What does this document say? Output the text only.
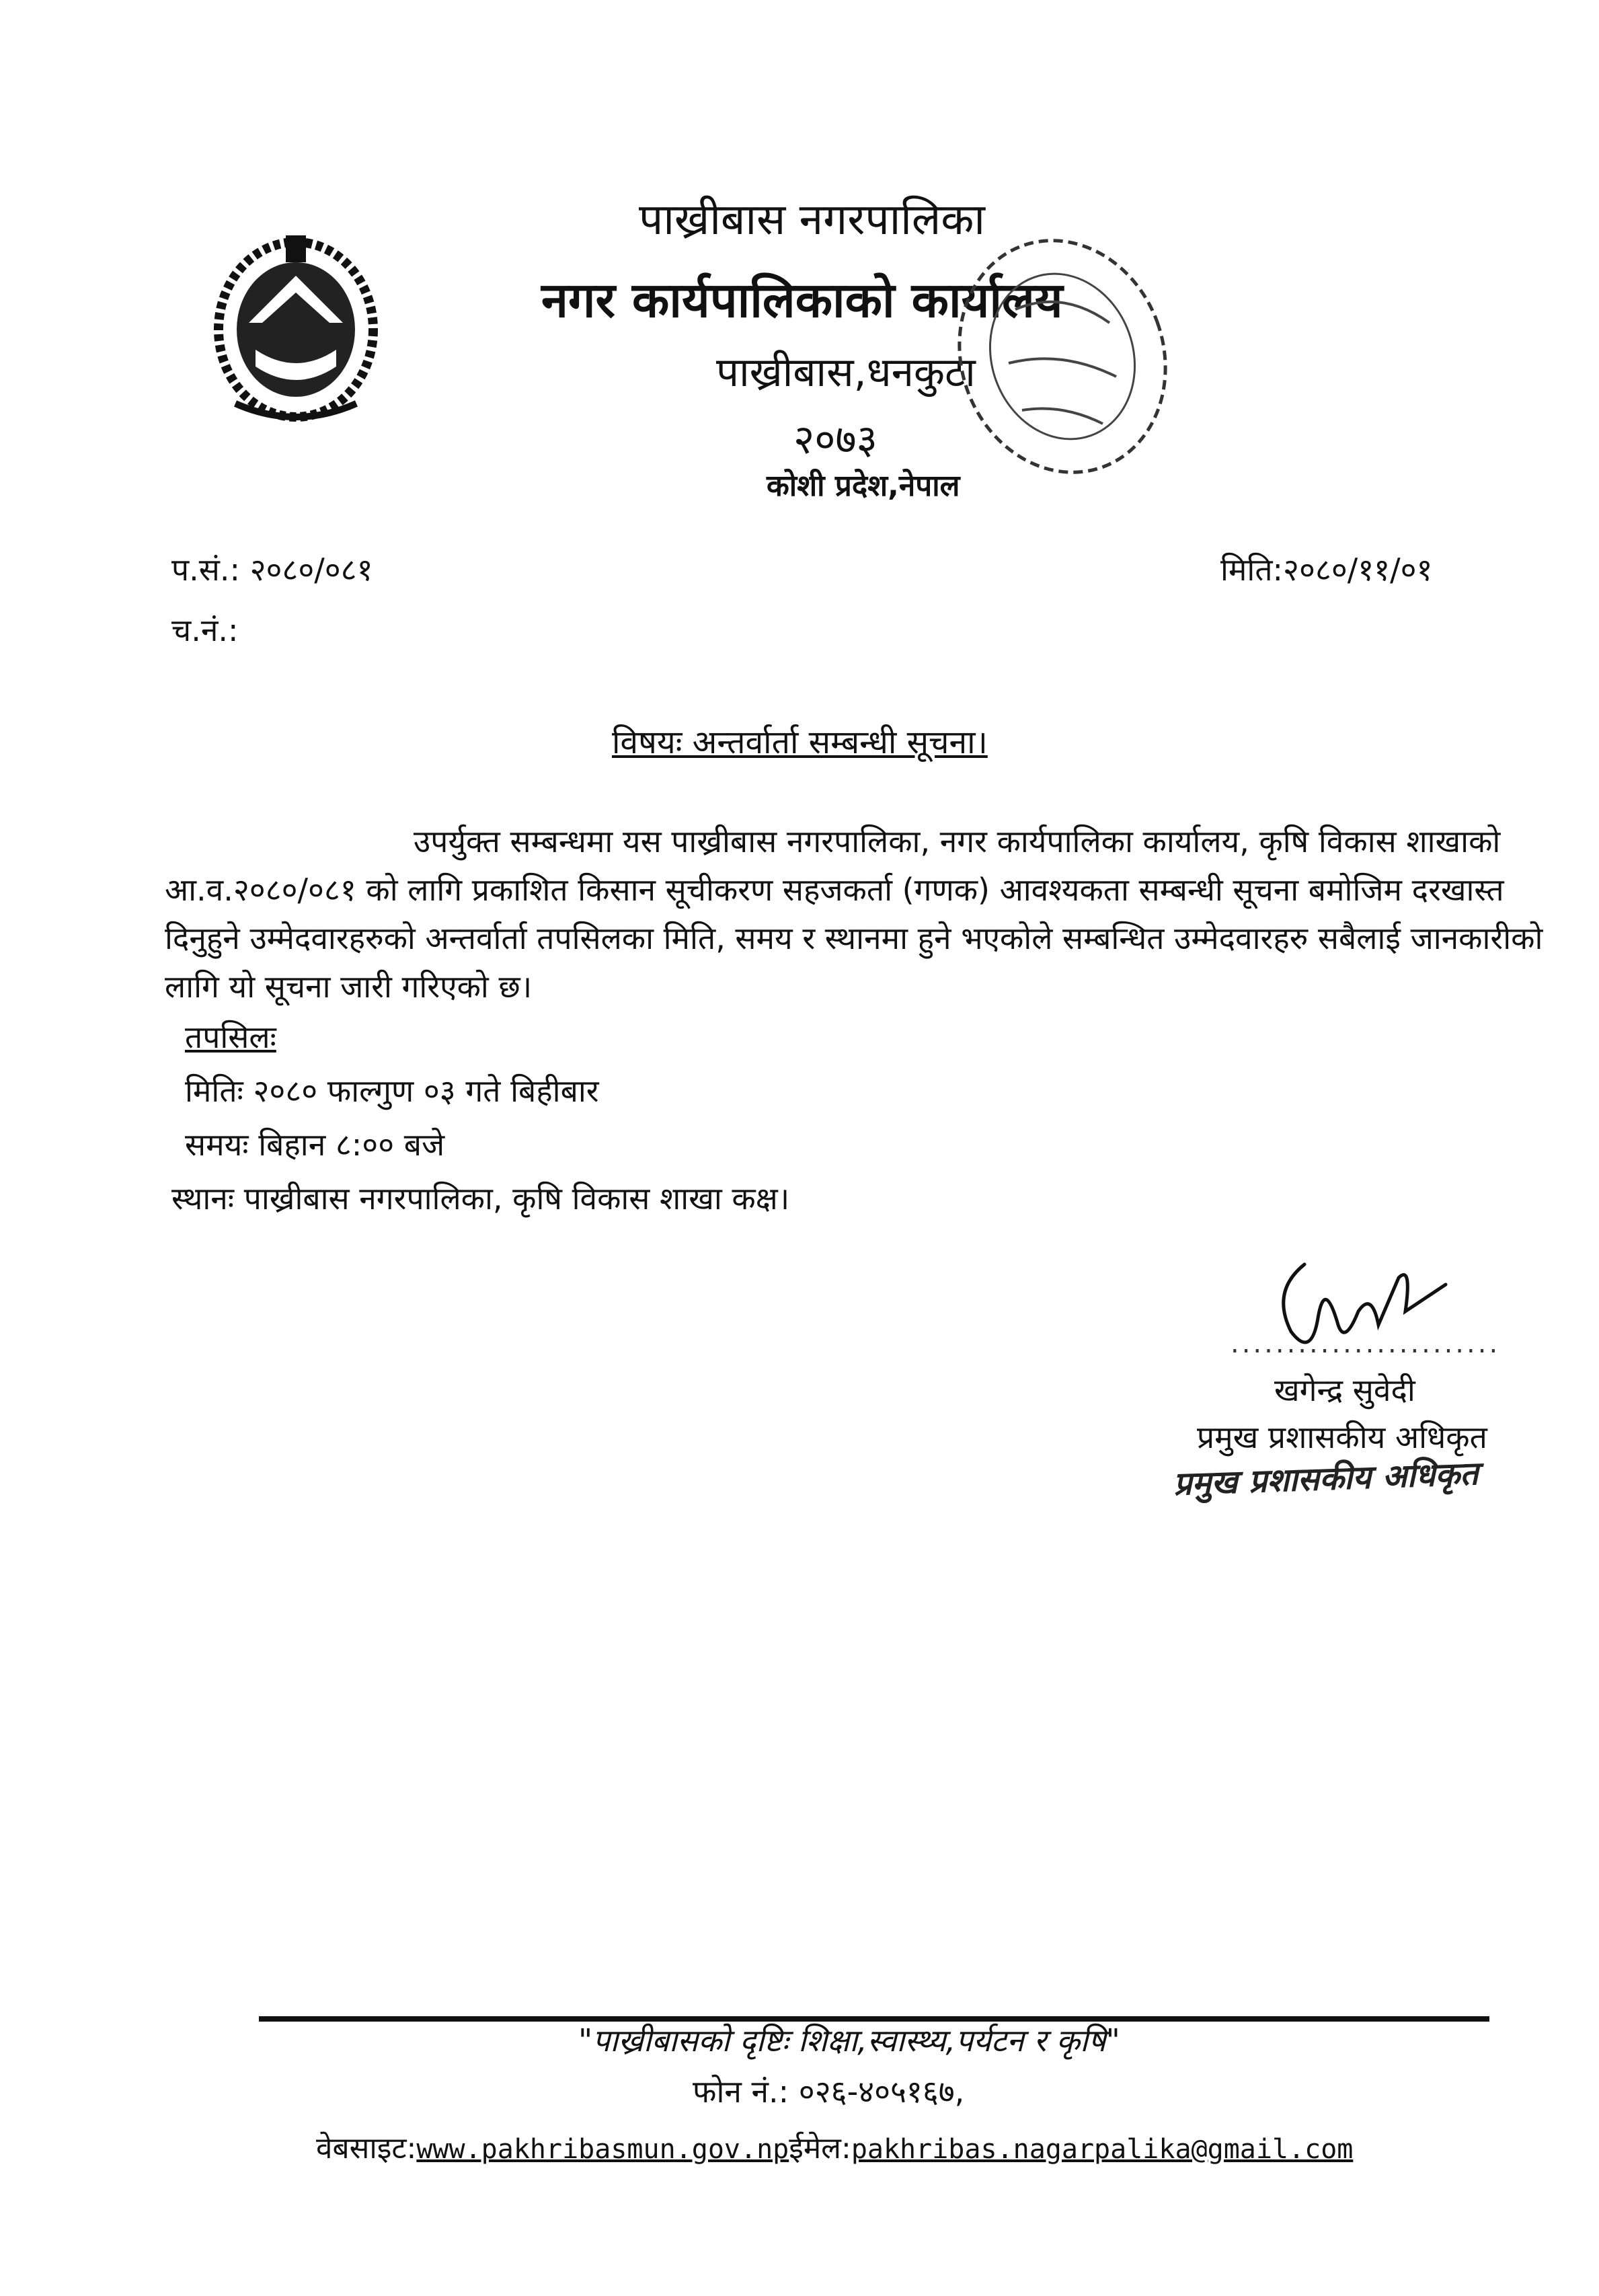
पाख्रीबास नगरपालिका
नगर कार्यपालिकाको कार्यालय
पाख्रीबास,धनकुटा
२०७३
कोशी प्रदेश,नेपाल
प.सं.: २०८०/०८१	मिति:२०८०/११/०१
च.नं.:
विषयः अन्तर्वार्ता सम्बन्धी सूचना।
उपर्युक्त सम्बन्धमा यस पाख्रीबास नगरपालिका, नगर कार्यपालिका कार्यालय, कृषि विकास शाखाको
आ.व.२०८०/०८१ को लागि प्रकाशित किसान सूचीकरण सहजकर्ता (गणक) आवश्यकता सम्बन्धी सूचना बमोजिम दरखास्त
दिनुहुने उम्मेदवारहरुको अन्तर्वार्ता तपसिलका मिति, समय र स्थानमा हुने भएकोले सम्बन्धित उम्मेदवारहरु सबैलाई जानकारीको
लागि यो सूचना जारी गरिएको छ।
तपसिलः
मितिः २०८० फाल्गुण ०३ गते बिहीबार
समयः बिहान ८:०० बजे
स्थानः पाख्रीबास नगरपालिका, कृषि विकास शाखा कक्ष।
........................
खगेन्द्र सुवेदी
प्रमुख प्रशासकीय अधिकृत
प्रमुख प्रशासकीय अधिकृत
"पाख्रीबासको दृष्टिः शिक्षा,स्वास्थ्य,पर्यटन र कृषि"
फोन नं.: ०२६-४०५१६७,
वेबसाइट:www.pakhribasmun.gov.npईमेल:pakhribas.nagarpalika@gmail.com
